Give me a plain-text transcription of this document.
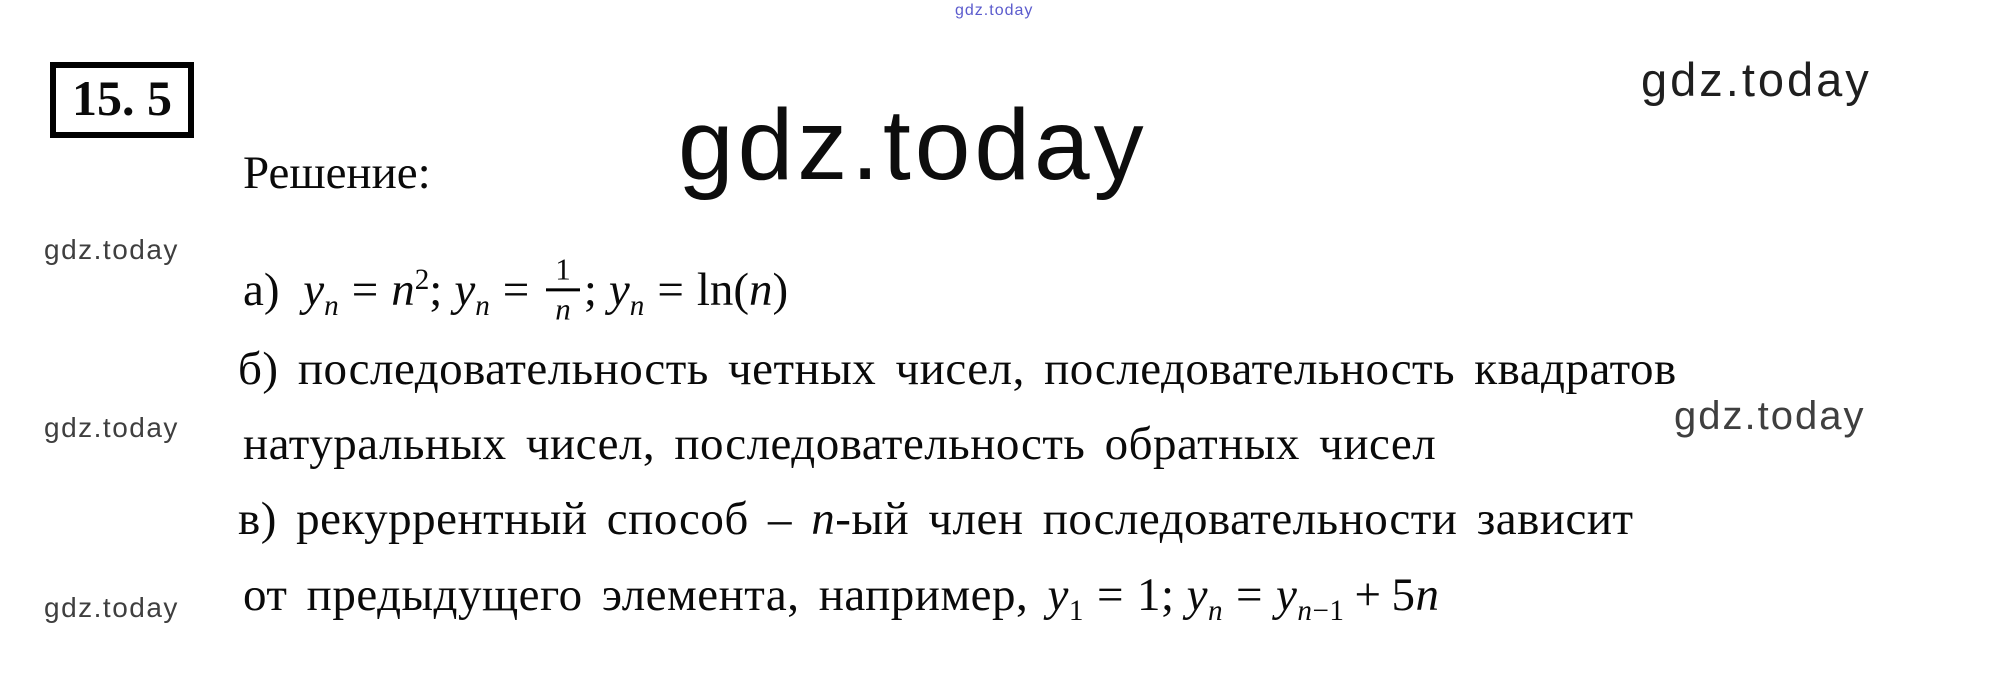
gdz.today
gdz.today
gdz.today
gdz.today
gdz.today
gdz.today
gdz.today
15. 5
Решение:
а) $y_n = n^2$; $y_n = \frac{1}{n}$ ; $y_n = \ln(n)$
б) последовательность четных чисел, последовательность квадратов
натуральных чисел, последовательность обратных чисел
в) рекуррентный способ – n-ый член последовательности зависит
от предыдущего элемента, например, $y_1 = 1$; $y_n = y_{n-1} + 5n$
